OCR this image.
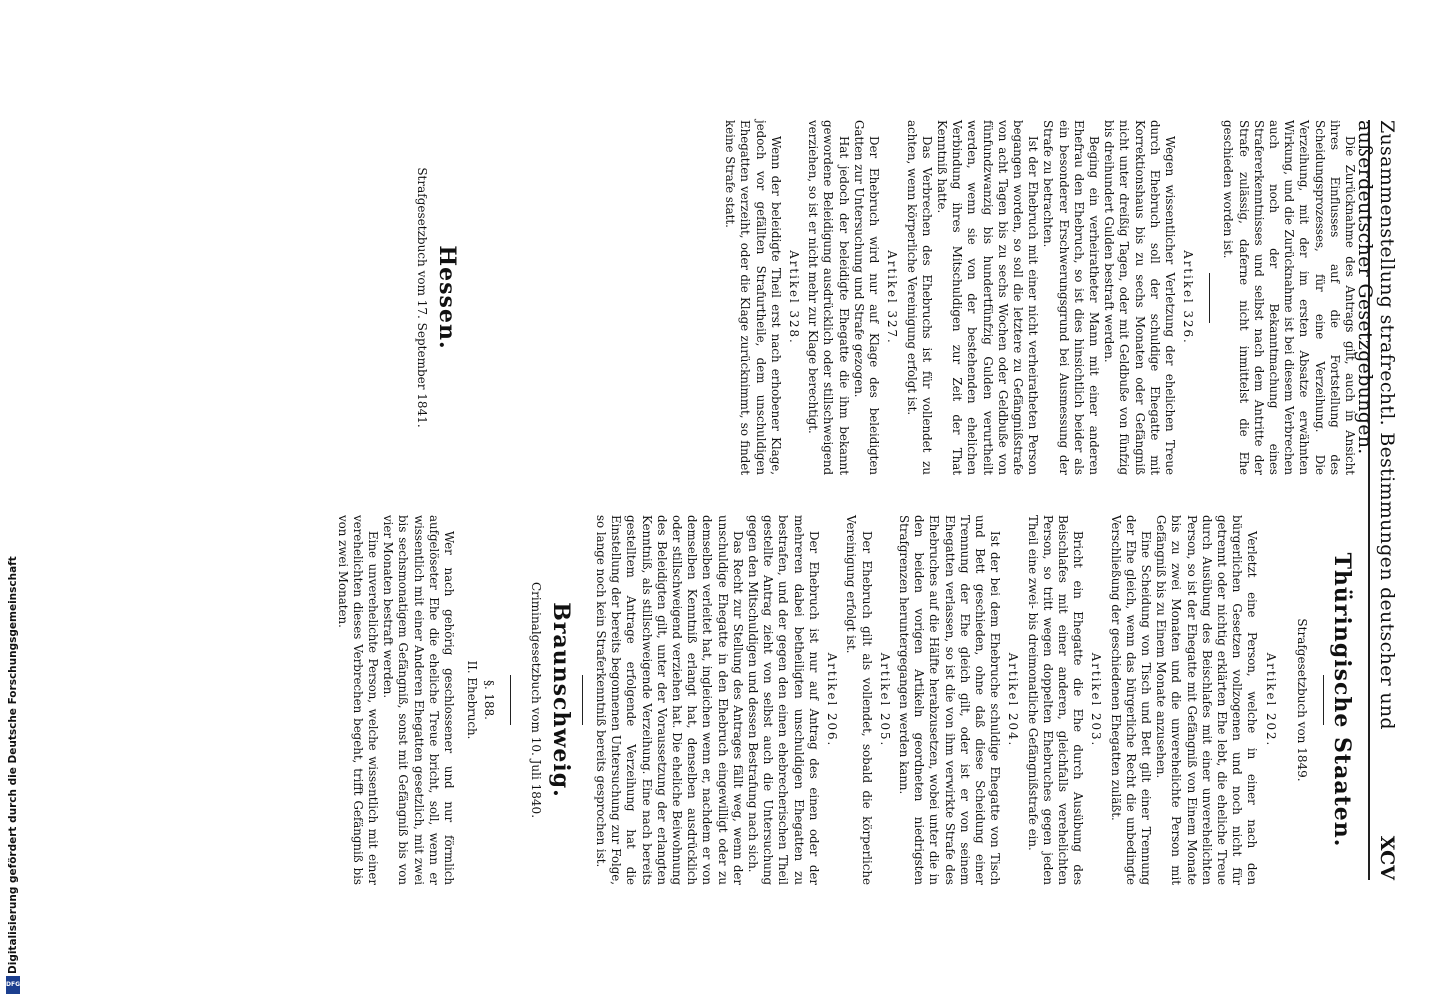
Zusammenstellung strafrechtl. Bestimmungen deutscher und außerdeutscher Gesetzgebungen.
XCV

Die Zurücknahme des Antrags gilt, auch in Ansicht ihres Einflusses auf die Fortstellung des Scheidungsprozesses, für eine Verzeihung. Die Verzeihung, mit der im ersten Absatze erwähnten Wirkung, und die Zurücknahme ist bei diesem Verbrechen auch noch der Bekanntmachung eines Strafererkenntnisses und selbst nach dem Antritte der Strafe zulässig, daferne nicht inmittelst die Ehe geschieden worden ist.

Artikel 326.

Wegen wissentlicher Verletzung der ehelichen Treue durch Ehebruch soll der schuldige Ehegatte mit Korrektionshaus bis zu sechs Monaten oder Gefängniß nicht unter dreißig Tagen, oder mit Geldbuße von fünfzig bis dreihundert Gulden bestraft werden.

Beging ein verheiratheter Mann mit einer anderen Ehefrau den Ehebruch, so ist dies hinsichtlich beider als ein besonderer Erschwerungsgrund bei Ausmessung der Strafe zu betrachten.

Ist der Ehebruch mit einer nicht verheiratheten Person begangen worden, so soll die letztere zu Gefängnißstrafe von acht Tagen bis zu sechs Wochen oder Geldbuße von fünfundzwanzig bis hundertfünfzig Gulden verurtheilt werden, wenn sie von der bestehenden ehelichen Verbindung ihres Mitschuldigen zur Zeit der That Kenntniß hatte.

Das Verbrechen des Ehebruchs ist für vollendet zu achten, wenn körperliche Vereinigung erfolgt ist.

Artikel 327.

Der Ehebruch wird nur auf Klage des beleidigten Gatten zur Untersuchung und Strafe gezogen.

Hat jedoch der beleidigte Ehegatte die ihm bekannt gewordene Beleidigung ausdrücklich oder stillschweigend verziehen, so ist er nicht mehr zur Klage berechtigt.

Artikel 328.

Wenn der beleidigte Theil erst nach erhobener Klage, jedoch vor gefällten Strafurtheile, dem unschuldigen Ehegatten verzeiht, oder die Klage zurücknimmt, so findet keine Strafe statt.

Hessen.

Strafgesetzbuch vom 17. September 1841.

Thüringische Staaten.

Strafgesetzbuch von 1849.

Artikel 202.

Verletzt eine Person, welche in einer nach den bürgerlichen Gesetzen vollzogenen und noch nicht für getrennt oder nichtig erklärten Ehe lebt, die eheliche Treue durch Ausübung des Beischlafes mit einer unverehelichten Person, so ist der Ehegatte mit Gefängniß von Einem Monate bis zu zwei Monaten und die unverehelichte Person mit Gefängniß bis zu Einem Monate anzusehen.

Eine Scheidung von Tisch und Bett gilt einer Trennung der Ehe gleich, wenn das bürgerliche Recht die unbedingte Verschließung der geschiedenen Ehegatten zuläßt.

Artikel 203.

Bricht ein Ehegatte die Ehe durch Ausübung des Beischlafes mit einer anderen, gleichfalls verehelichten Person, so tritt wegen doppelten Ehebruches gegen jeden Theil eine zwei- bis dreimonatliche Gefängnißstrafe ein.

Artikel 204.

Ist der bei dem Ehebruche schuldige Ehegatte von Tisch und Bett geschieden, ohne daß diese Scheidung einer Trennung der Ehe gleich gilt, oder ist er von seinem Ehegatten verlassen, so ist die von ihm verwirkte Strafe des Ehebruches auf die Hälfte herabzusetzen, wobei unter die in den beiden vorigen Artikeln geordneten niedrigsten Strafgrenzen heruntergegangen werden kann.

Artikel 205.

Der Ehebruch gilt als vollendet, sobald die körperliche Vereinigung erfolgt ist.

Artikel 206.

Der Ehebruch ist nur auf Antrag des einen oder der mehreren dabei betheiligten unschuldigen Ehegatten zu bestrafen, und der gegen den einen ehebrecherischen Theil gestellte Antrag zieht von selbst auch die Untersuchung gegen den Mitschuldigen und dessen Bestrafung nach sich.

Das Recht zur Stellung des Antrages fällt weg, wenn der unschuldige Ehegatte in den Ehebruch eingewilligt oder zu demselben verleitet hat, ingleichen wenn er, nachdem er von demselben Kenntniß erlangt hat, denselben ausdrücklich oder stillschweigend verziehen hat. Die eheliche Beiwohnung des Beleidigten gilt, unter der Voraussetzung der erlangten Kenntniß, als stillschweigende Verzeihung. Eine nach bereits gestelltem Antrage erfolgende Verzeihung hat die Einstellung der bereits begonnenen Untersuchung zur Folge, so lange noch kein Straferkenntniß bereits gesprochen ist.

Braunschweig.

Criminalgesetzbuch vom 10. Juli 1840.

§. 188.

II. Ehebruch.

Wer nach gehörig geschlossener und nur förmlich aufgelöseter Ehe die eheliche Treue bricht, soll, wenn er wissentlich mit einer Anderen Ehegatten gesetzlich, mit zwei bis sechsmonatigem Gefängniß, sonst mit Gefängniß bis von vier Monaten bestraft werden.

Eine unverehelichte Person, welche wissentlich mit einer verehelichten dieses Verbrechen begeht, trifft Gefängniß bis von zwei Monaten.

Digitalisierung gefördert durch die Deutsche Forschungsgemeinschaft
DFG
